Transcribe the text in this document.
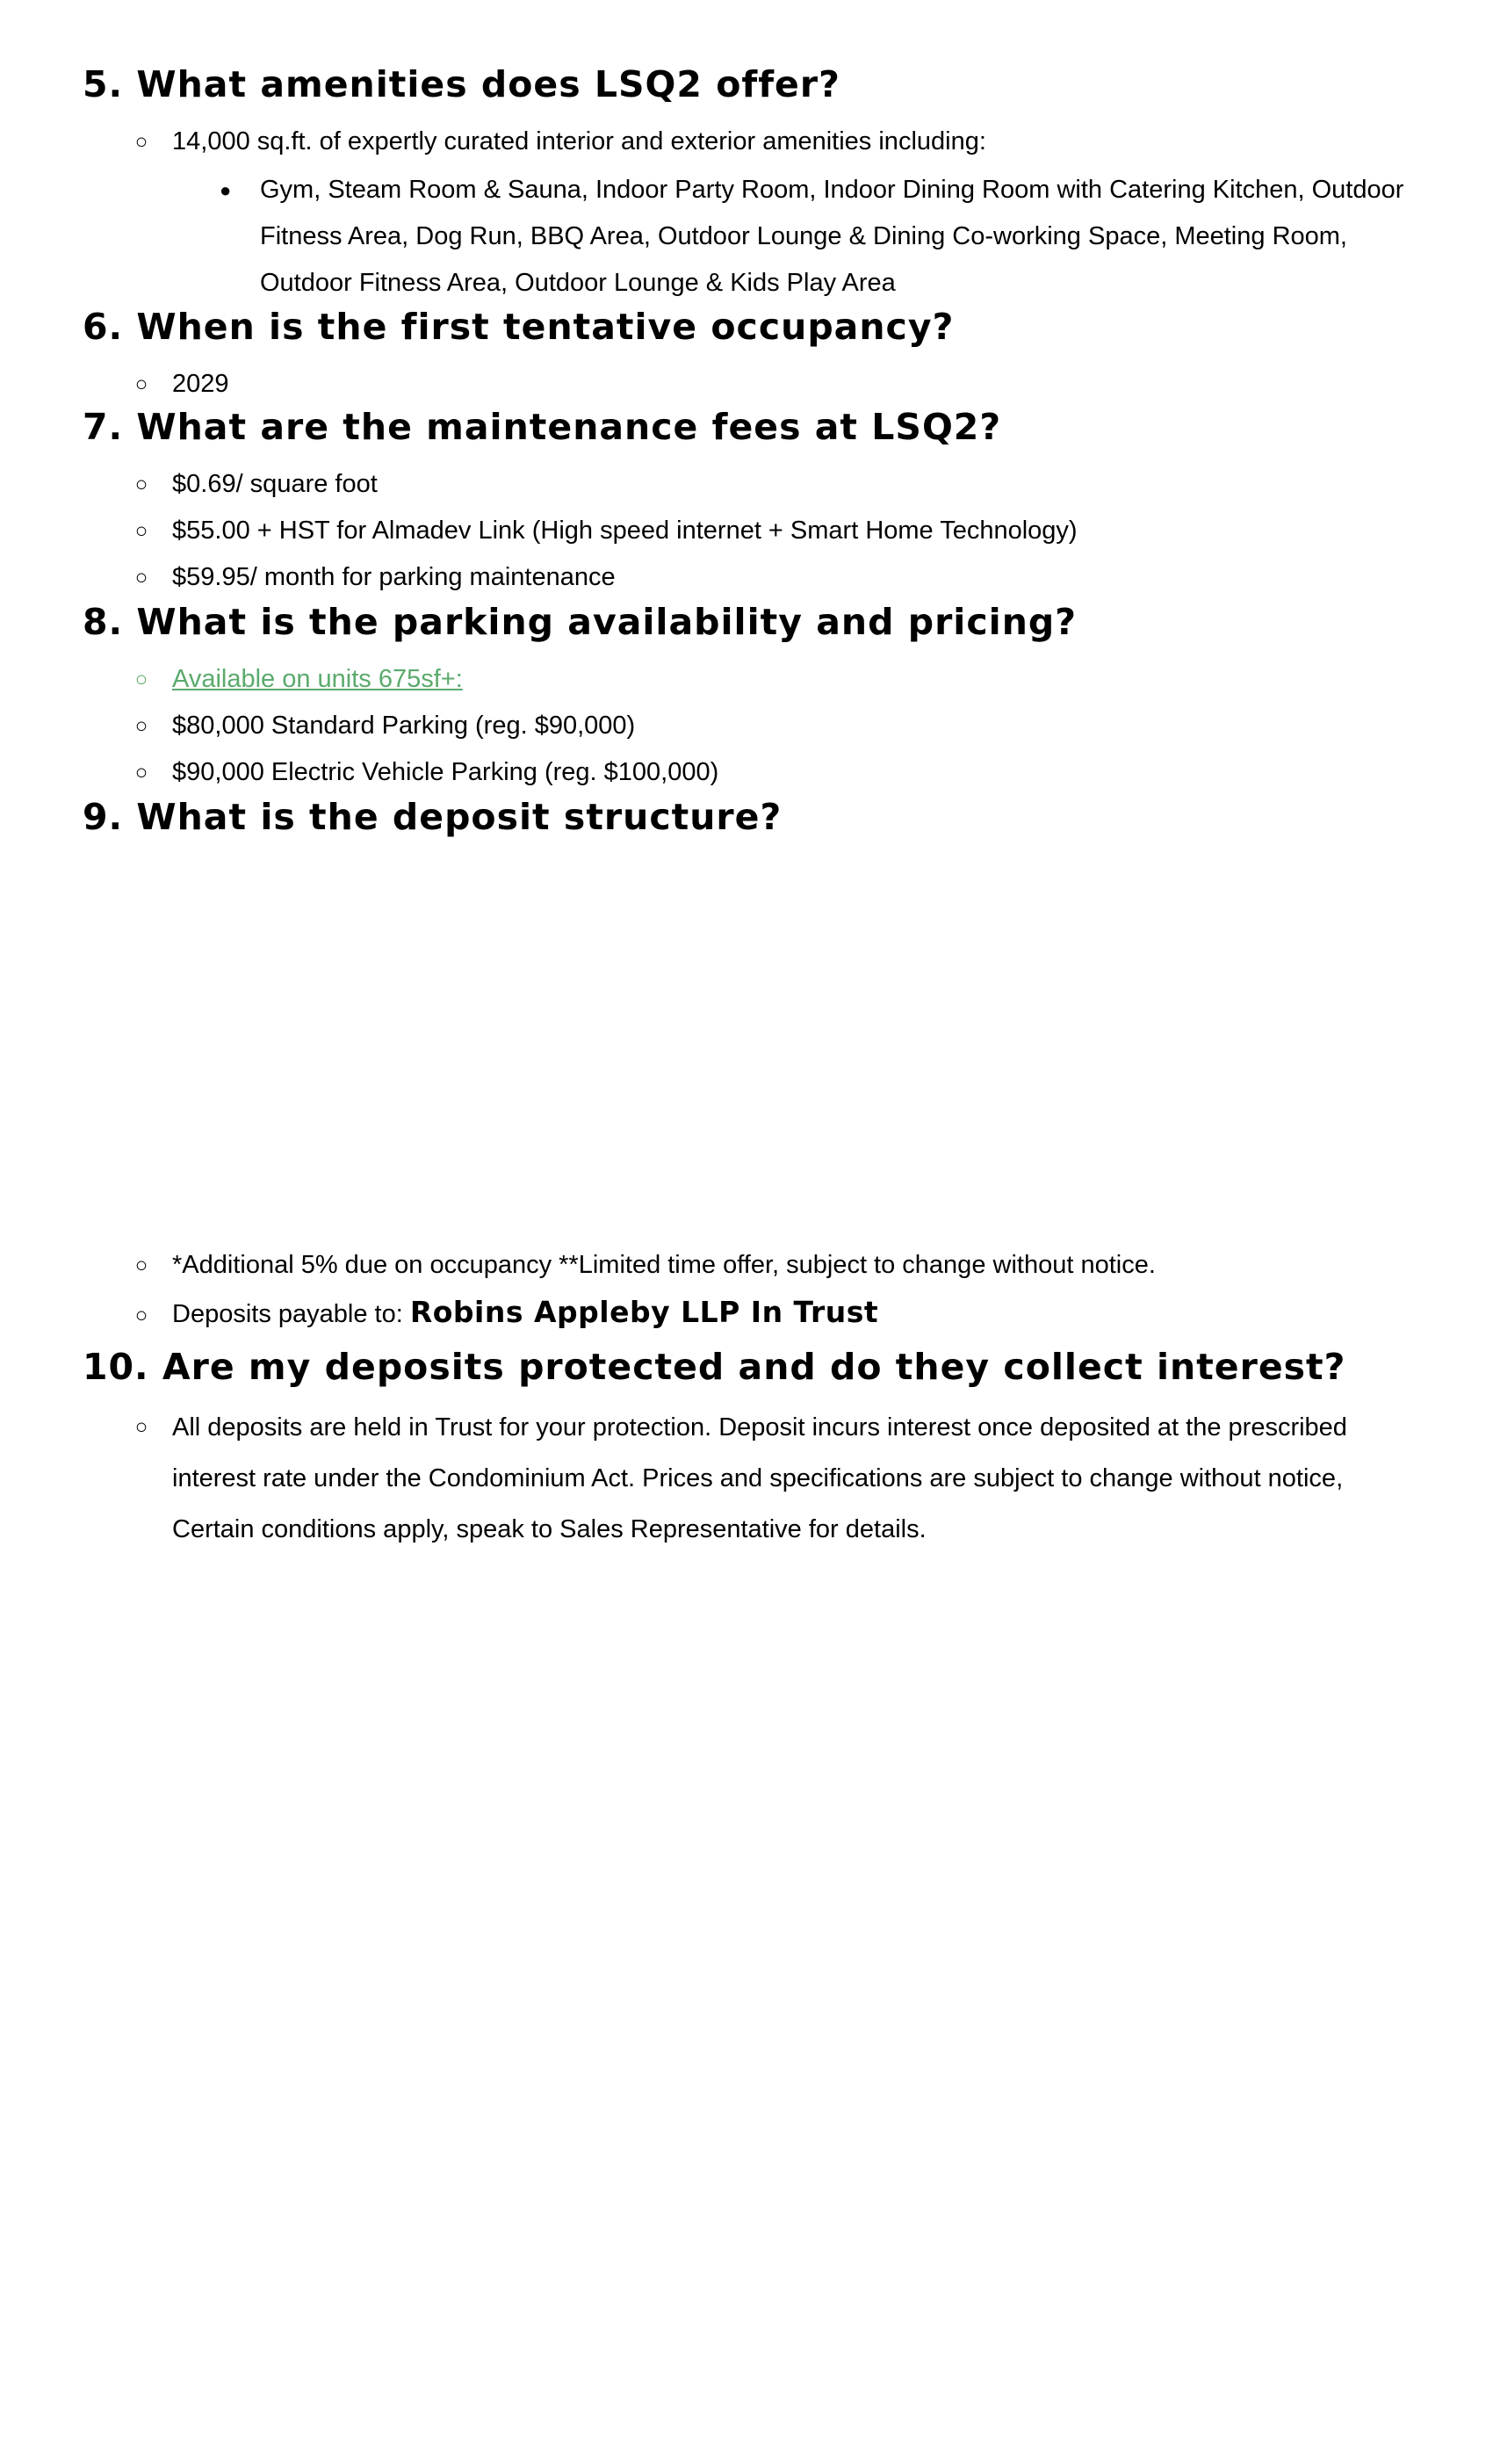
5. What amenities does LSQ2 offer?
○ 14,000 sq.ft. of expertly curated interior and exterior amenities including:
● Gym, Steam Room & Sauna, Indoor Party Room, Indoor Dining Room with Catering Kitchen, Outdoor Fitness Area, Dog Run, BBQ Area, Outdoor Lounge & Dining Co-working Space, Meeting Room, Outdoor Fitness Area, Outdoor Lounge & Kids Play Area
6. When is the first tentative occupancy?
○ 2029
7. What are the maintenance fees at LSQ2?
○ $0.69/ square foot
○ $55.00 + HST for Almadev Link (High speed internet + Smart Home Technology)
○ $59.95/ month for parking maintenance
8. What is the parking availability and pricing?
○ Available on units 675sf+:
○ $80,000 Standard Parking (reg. $90,000)
○ $90,000 Electric Vehicle Parking (reg. $100,000)
9. What is the deposit structure?
○ *Additional 5% due on occupancy **Limited time offer, subject to change without notice.
○ Deposits payable to: Robins Appleby LLP In Trust
10. Are my deposits protected and do they collect interest?
○ All deposits are held in Trust for your protection. Deposit incurs interest once deposited at the prescribed interest rate under the Condominium Act. Prices and specifications are subject to change without notice, Certain conditions apply, speak to Sales Representative for details.
